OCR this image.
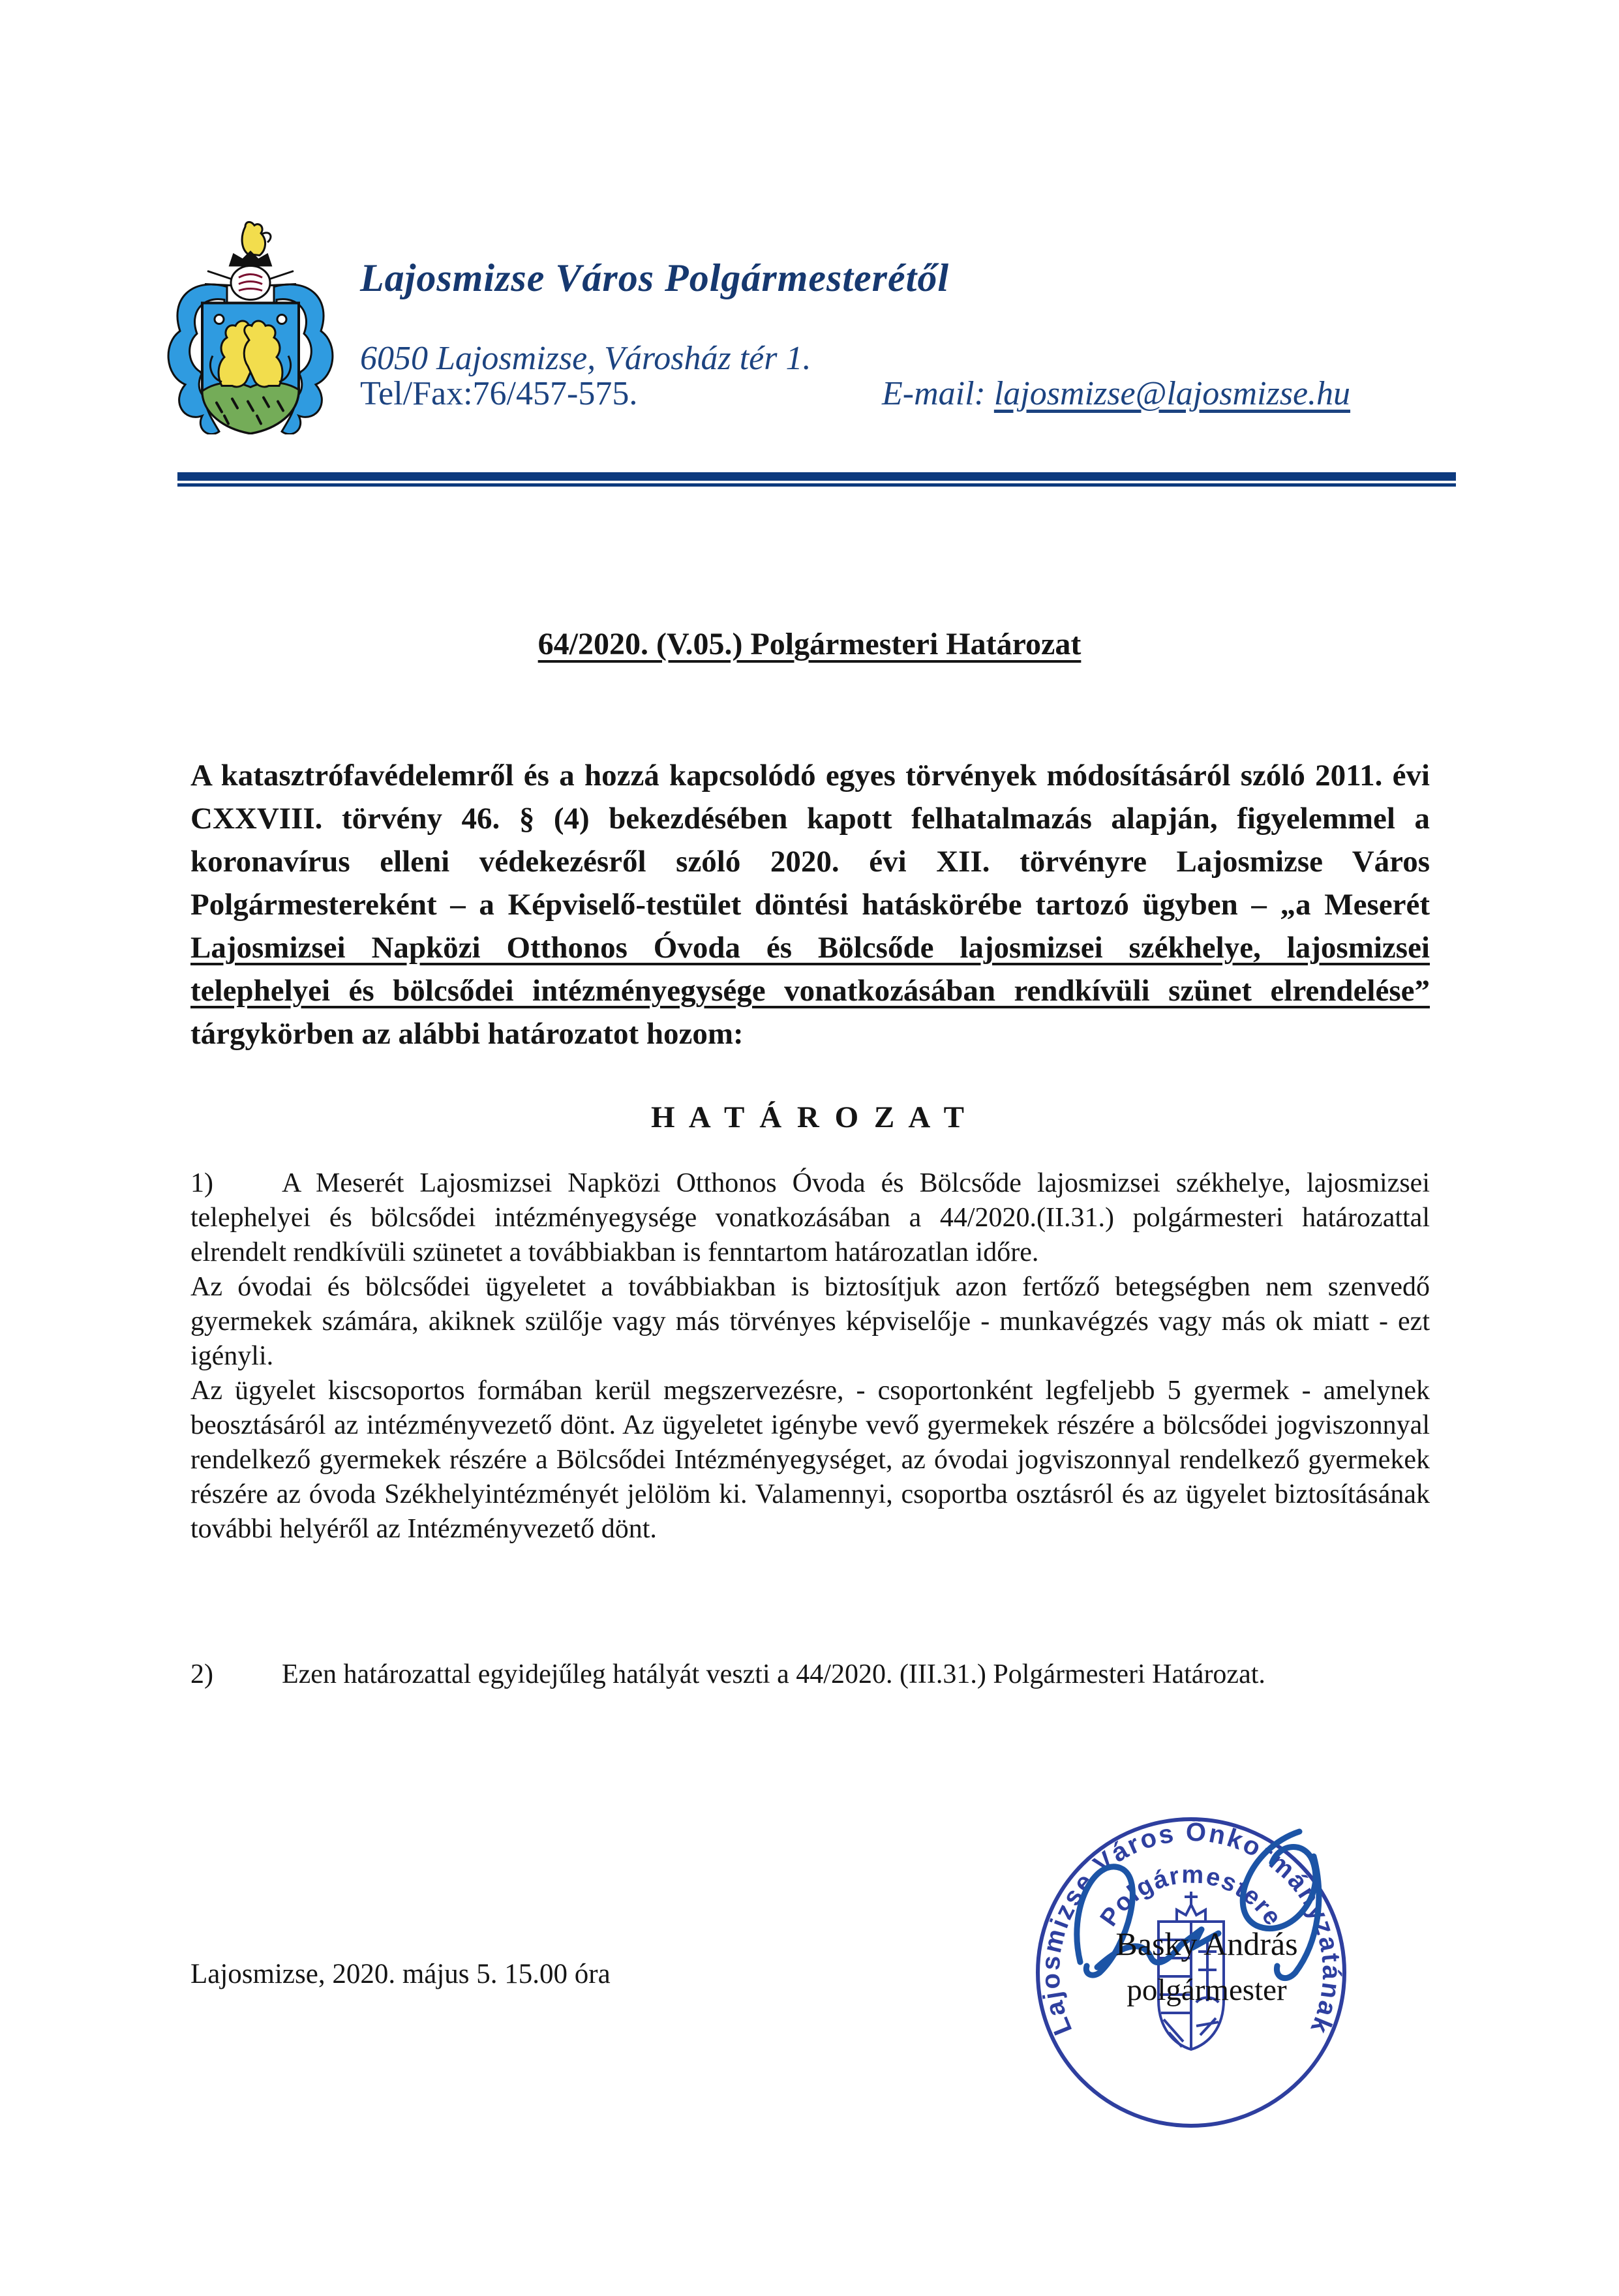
Lajosmizse Város Polgármesterétől
6050 Lajosmizse, Városház tér 1.
Tel/Fax:76/457-575.	E-mail: lajosmizse@lajosmizse.hu
64/2020. (V.05.) Polgármesteri Határozat
A katasztrófavédelemről és a hozzá kapcsolódó egyes törvények módosításáról szóló 2011. évi CXXVIII. törvény 46. § (4) bekezdésében kapott felhatalmazás alapján, figyelemmel a koronavírus elleni védekezésről szóló 2020. évi XII. törvényre Lajosmizse Város Polgármestereként – a Képviselő-testület döntési hatáskörébe tartozó ügyben – „a Meserét Lajosmizsei Napközi Otthonos Óvoda és Bölcsőde lajosmizsei székhelye, lajosmizsei telephelyei és bölcsődei intézményegysége vonatkozásában rendkívüli szünet elrendelése” tárgykörben az alábbi határozatot hozom:
H A T Á R O Z A T

1)	A Meserét Lajosmizsei Napközi Otthonos Óvoda és Bölcsőde lajosmizsei székhelye, lajosmizsei telephelyei és bölcsődei intézményegysége vonatkozásában a 44/2020.(II.31.) polgármesteri határozattal elrendelt rendkívüli szünetet a továbbiakban is fenntartom határozatlan időre.

Az óvodai és bölcsődei ügyeletet a továbbiakban is biztosítjuk azon fertőző betegségben nem szenvedő gyermekek számára, akiknek szülője vagy más törvényes képviselője - munkavégzés vagy más ok miatt - ezt igényli.

Az ügyelet kiscsoportos formában kerül megszervezésre, - csoportonként legfeljebb 5 gyermek - amelynek beosztásáról az intézményvezető dönt. Az ügyeletet igénybe vevő gyermekek részére a bölcsődei jogviszonnyal rendelkező gyermekek részére a Bölcsődei Intézményegységet, az óvodai jogviszonnyal rendelkező gyermekek részére az óvoda Székhelyintézményét jelölöm ki. Valamennyi, csoportba osztásról és az ügyelet biztosításának további helyéről az Intézményvezető dönt.

2)	Ezen határozattal egyidejűleg hatályát veszti a 44/2020. (III.31.) Polgármesteri Határozat.

Lajosmizse, 2020. május 5. 15.00 óra
Lajosmizse Város Önkormányzatának
Polgármestere
Basky András
polgármester
